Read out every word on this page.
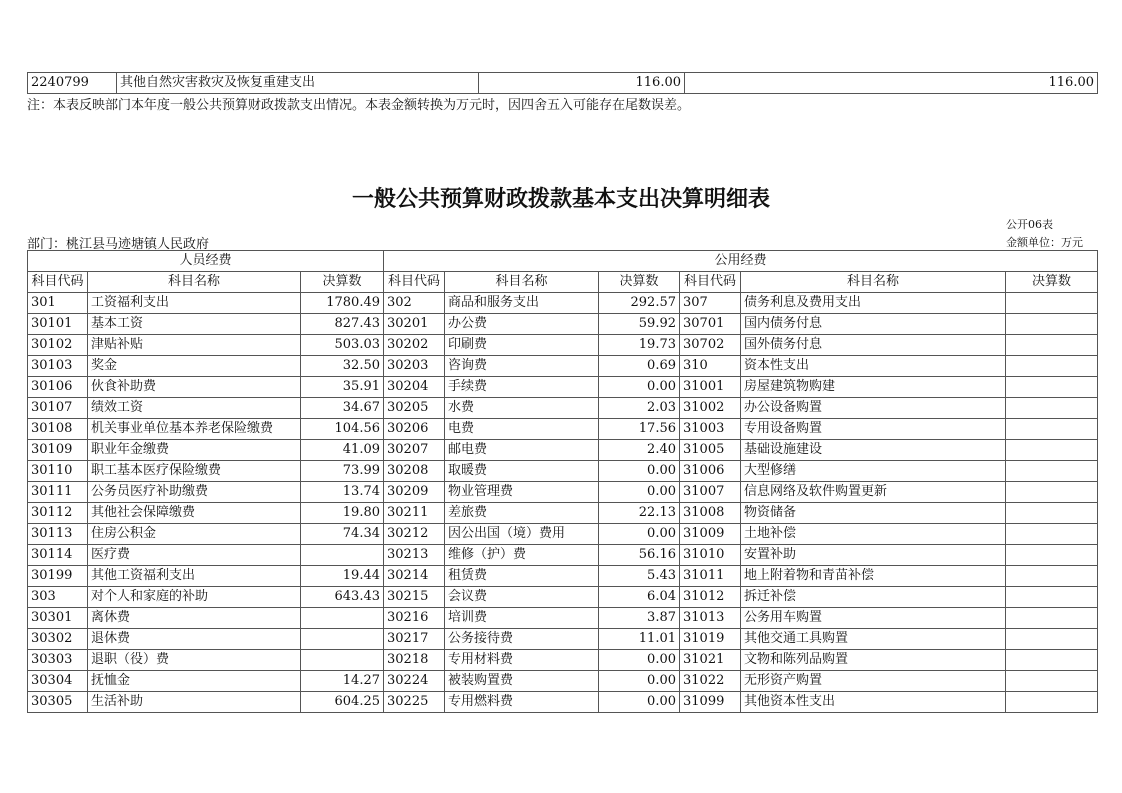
2240799	其他自然灾害救灾及恢复重建支出	116.00	116.00
注：本表反映部门本年度一般公共预算财政拨款支出情况。本表金额转换为万元时，因四舍五入可能存在尾数误差。
一般公共预算财政拨款基本支出决算明细表
公开06表
部门：桃江县马迹塘镇人民政府	金额单位：万元
人员经费			公用经费					
科目代码	科目名称	决算数	科目代码	科目名称	决算数	科目代码	科目名称	决算数
301	工资福利支出	1780.49	302	商品和服务支出	292.57	307	债务利息及费用支出	
30101	基本工资	827.43	30201	办公费	59.92	30701	国内债务付息	
30102	津贴补贴	503.03	30202	印刷费	19.73	30702	国外债务付息	
30103	奖金	32.50	30203	咨询费	0.69	310	资本性支出	
30106	伙食补助费	35.91	30204	手续费	0.00	31001	房屋建筑物购建	
30107	绩效工资	34.67	30205	水费	2.03	31002	办公设备购置	
30108	机关事业单位基本养老保险缴费	104.56	30206	电费	17.56	31003	专用设备购置	
30109	职业年金缴费	41.09	30207	邮电费	2.40	31005	基础设施建设	
30110	职工基本医疗保险缴费	73.99	30208	取暖费	0.00	31006	大型修缮	
30111	公务员医疗补助缴费	13.74	30209	物业管理费	0.00	31007	信息网络及软件购置更新	
30112	其他社会保障缴费	19.80	30211	差旅费	22.13	31008	物资储备	
30113	住房公积金	74.34	30212	因公出国（境）费用	0.00	31009	土地补偿	
30114	医疗费		30213	维修（护）费	56.16	31010	安置补助	
30199	其他工资福利支出	19.44	30214	租赁费	5.43	31011	地上附着物和青苗补偿	
303	对个人和家庭的补助	643.43	30215	会议费	6.04	31012	拆迁补偿	
30301	离休费		30216	培训费	3.87	31013	公务用车购置	
30302	退休费		30217	公务接待费	11.01	31019	其他交通工具购置	
30303	退职（役）费		30218	专用材料费	0.00	31021	文物和陈列品购置	
30304	抚恤金	14.27	30224	被装购置费	0.00	31022	无形资产购置	
30305	生活补助	604.25	30225	专用燃料费	0.00	31099	其他资本性支出	
